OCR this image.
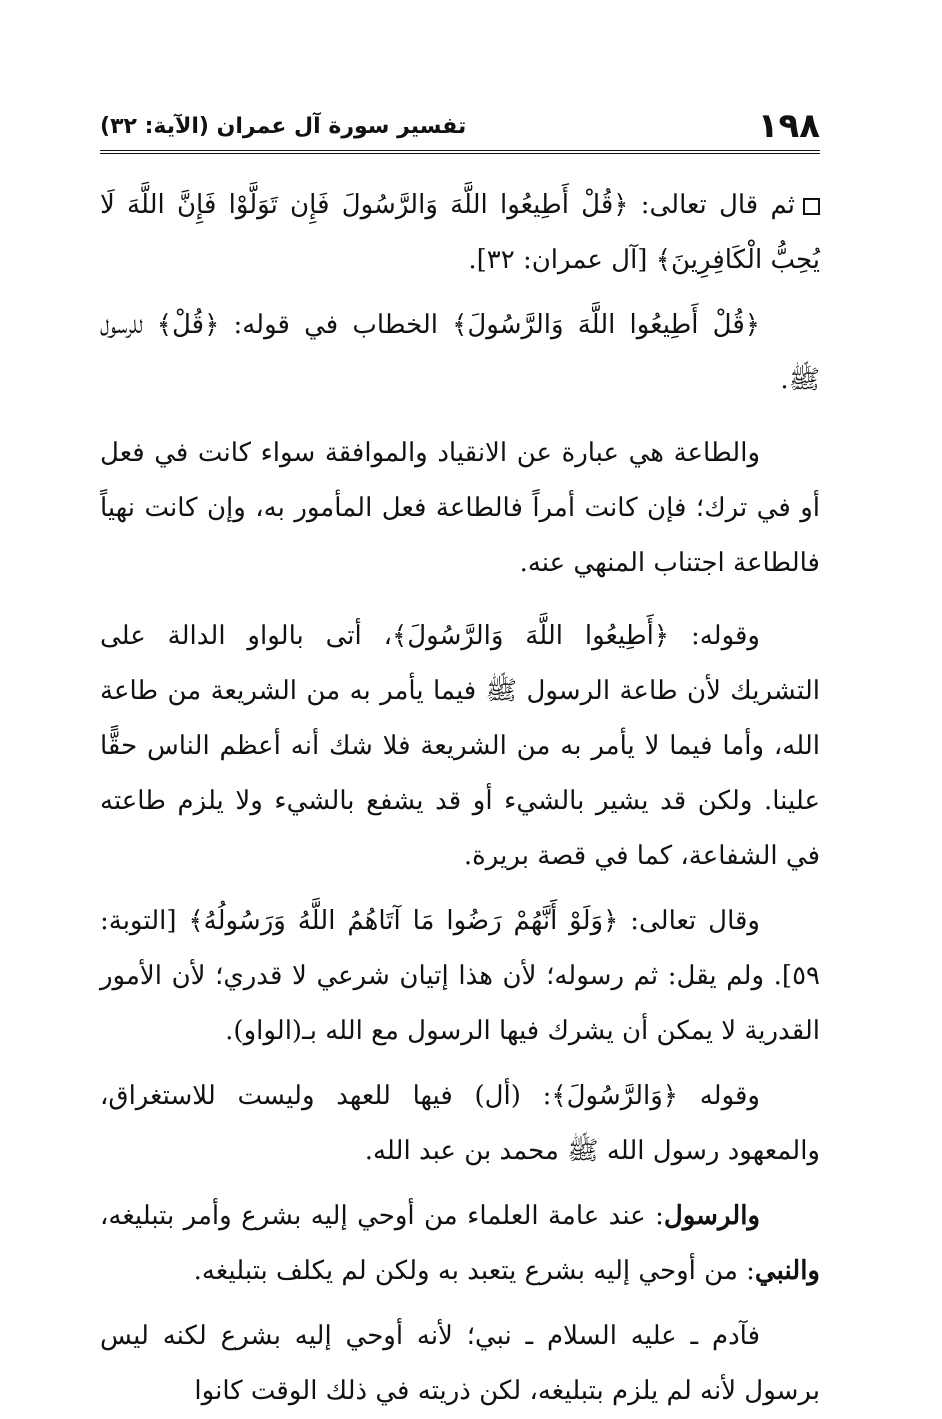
١٩٨
تفسير سورة آل عمران (الآية: ٣٢)

ثم قال تعالى: ﴿قُلْ أَطِيعُوا اللَّهَ وَالرَّسُولَ فَإِن تَوَلَّوْا فَإِنَّ اللَّهَ لَا يُحِبُّ الْكَافِرِينَ﴾ [آل عمران: ٣٢].

﴿قُلْ أَطِيعُوا اللَّهَ وَالرَّسُولَ﴾ الخطاب في قوله: ﴿قُلْ﴾ للرسول ﷺ.

والطاعة هي عبارة عن الانقياد والموافقة سواء كانت في فعل أو في ترك؛ فإن كانت أمراً فالطاعة فعل المأمور به، وإن كانت نهياً فالطاعة اجتناب المنهي عنه.

وقوله: ﴿أَطِيعُوا اللَّهَ وَالرَّسُولَ﴾، أتى بالواو الدالة على التشريك لأن طاعة الرسول ﷺ فيما يأمر به من الشريعة من طاعة الله، وأما فيما لا يأمر به من الشريعة فلا شك أنه أعظم الناس حقًّا علينا. ولكن قد يشير بالشيء أو قد يشفع بالشيء ولا يلزم طاعته في الشفاعة، كما في قصة بريرة.

وقال تعالى: ﴿وَلَوْ أَنَّهُمْ رَضُوا مَا آتَاهُمُ اللَّهُ وَرَسُولُهُ﴾ [التوبة: ٥٩]. ولم يقل: ثم رسوله؛ لأن هذا إتيان شرعي لا قدري؛ لأن الأمور القدرية لا يمكن أن يشرك فيها الرسول مع الله بـ(الواو).

وقوله ﴿وَالرَّسُولَ﴾: (أل) فيها للعهد وليست للاستغراق، والمعهود رسول الله ﷺ محمد بن عبد الله.

والرسول: عند عامة العلماء من أوحي إليه بشرع وأمر بتبليغه، والنبي: من أوحي إليه بشرع يتعبد به ولكن لم يكلف بتبليغه.

فآدم ـ عليه السلام ـ نبي؛ لأنه أوحي إليه بشرع لكنه ليس برسول لأنه لم يلزم بتبليغه، لكن ذريته في ذلك الوقت كانوا
